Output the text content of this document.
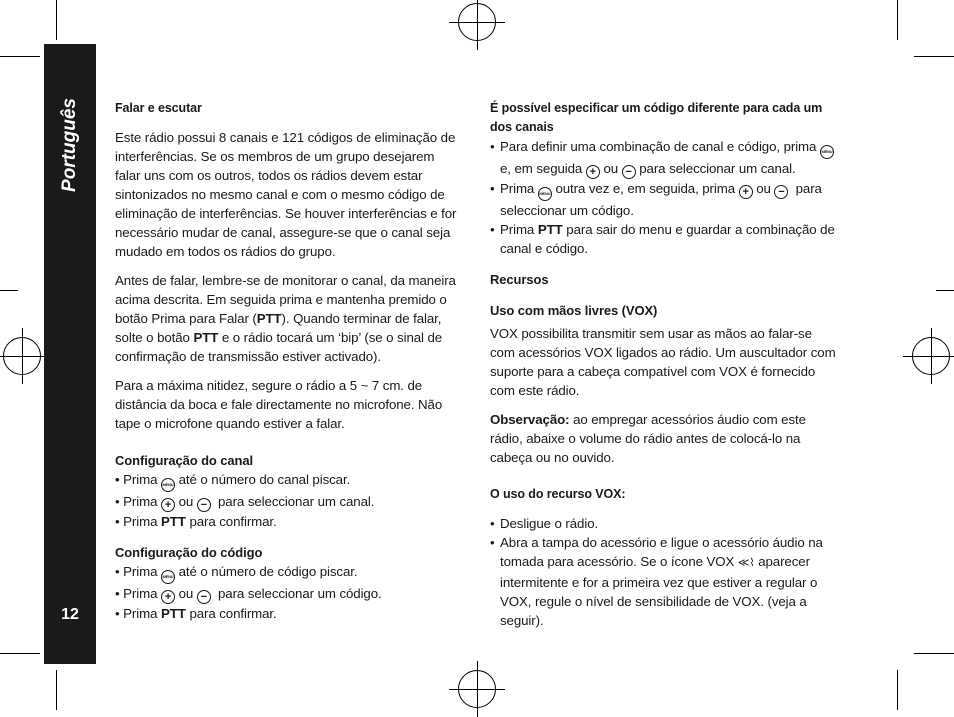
Português
12
Falar e escutar

Este rádio possui 8 canais e 121 códigos de eliminação de interferências. Se os membros de um grupo desejarem falar uns com os outros, todos os rádios devem estar sintonizados no mesmo canal e com o mesmo código de eliminação de interferências. Se houver interferências e for necessário mudar de canal, assegure-se que o canal seja mudado em todos os rádios do grupo.

Antes de falar, lembre-se de monitorar o canal, da maneira acima descrita. Em seguida prima e mantenha premido o botão Prima para Falar (PTT). Quando terminar de falar, solte o botão PTT e o rádio tocará um ‘bip’ (se o sinal de confirmação de transmissão estiver activado).

Para a máxima nitidez, segure o rádio a 5 ~ 7 cm. de distância da boca e fale directamente no microfone. Não tape o microfone quando estiver a falar.

Configuração do canal
• • Prima MENU até o número do canal piscar.
• Prima + ou − para seleccionar um canal.
• Prima PTT para confirmar.
Configuração do código
• Prima MENU até o número de código piscar.
• Prima + ou − para seleccionar um código.
• Prima PTT para confirmar.
É possível especificar um código diferente para cada um dos canais
• Para definir uma combinação de canal e código, prima MENU e, em seguida + ou − para seleccionar um canal.
• Prima MENU outra vez e, em seguida, prima + ou − para seleccionar um código.
• Prima PTT para sair do menu e guardar a combinação de canal e código.
Recursos
Uso com mãos livres (VOX)

VOX possibilita transmitir sem usar as mãos ao falar-se com acessórios VOX ligados ao rádio. Um auscultador com suporte para a cabeça compatível com VOX é fornecido com este rádio.

Observação: ao empregar acessórios áudio com este rádio, abaixe o volume do rádio antes de colocá-lo na cabeça ou no ouvido.

O uso do recurso VOX:
• Desligue o rádio.
• Abra a tampa do acessório e ligue o acessório áudio na tomada para acessório. Se o ícone VOX ≪⌇ aparecer intermitente e for a primeira vez que estiver a regular o VOX, regule o nível de sensibilidade de VOX. (veja a seguir).
